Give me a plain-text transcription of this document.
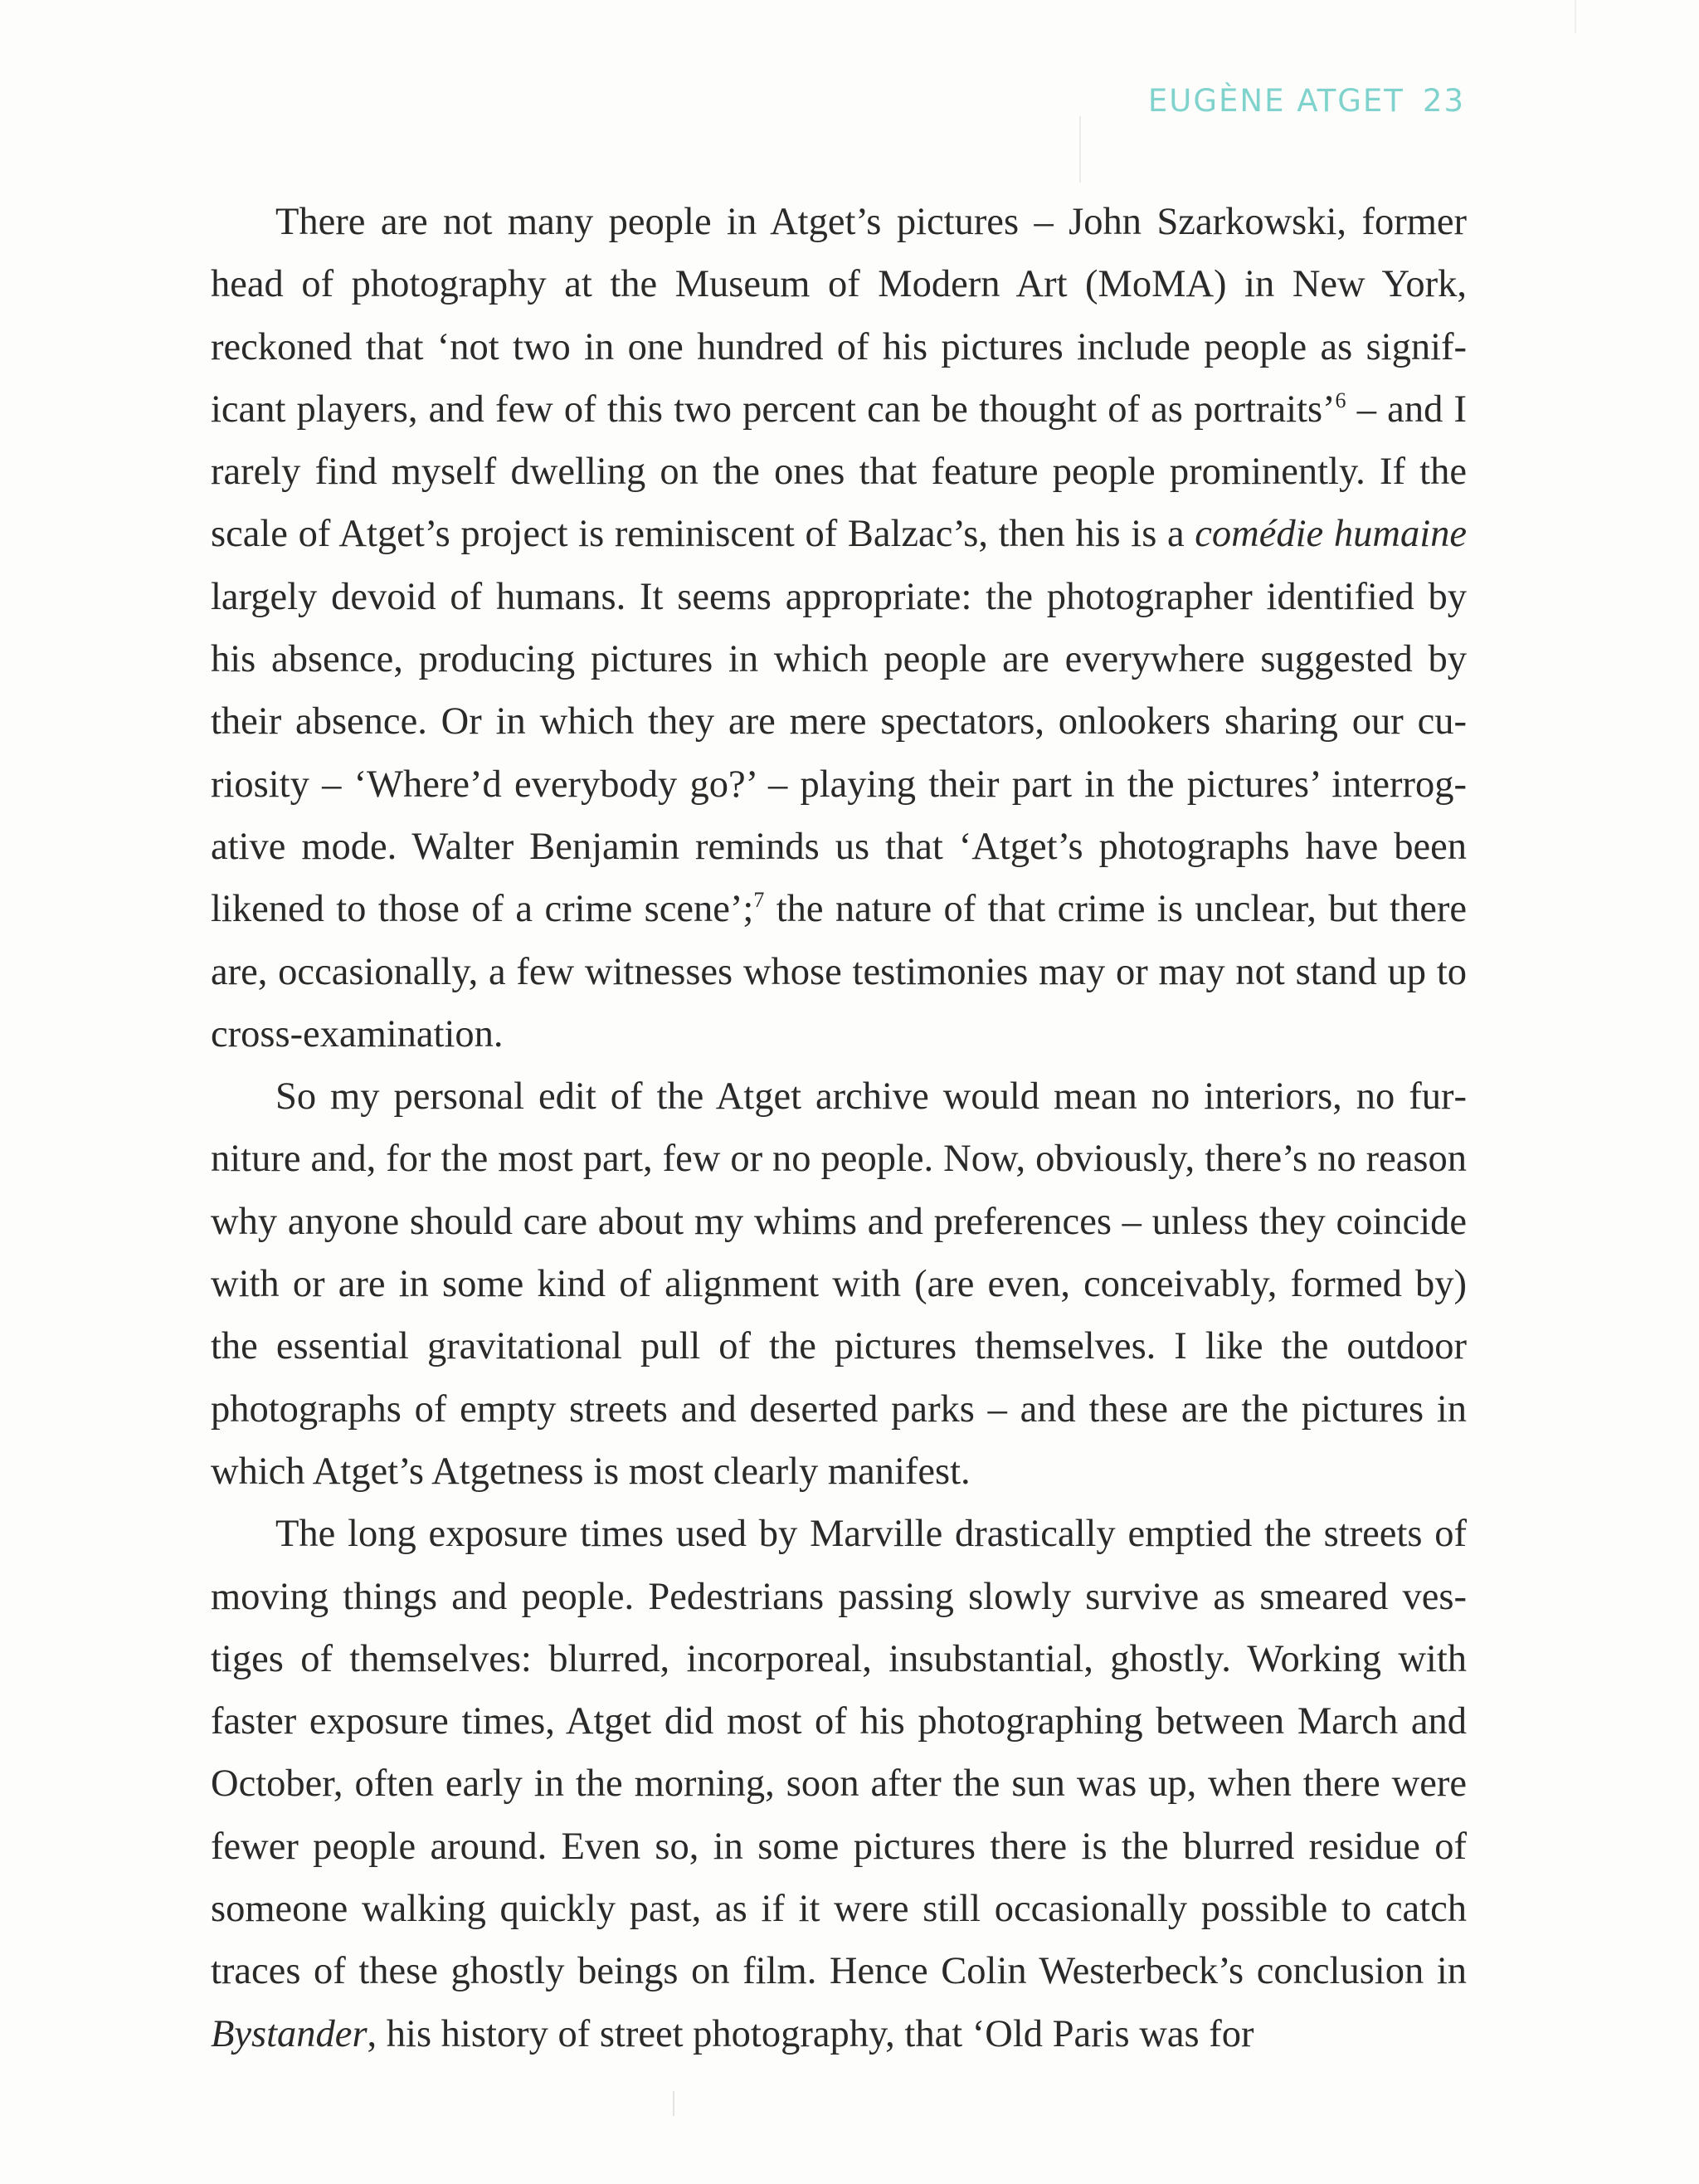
EUGÈNE ATGET 23

There are not many people in Atget’s pictures – John Szarkowski, former head of photography at the Museum of Modern Art (MoMA) in New York, reckoned that ‘not two in one hundred of his pictures include people as significant players, and few of this two percent can be thought of as portraits’$^6$ – and I rarely find myself dwelling on the ones that feature people prominently. If the scale of Atget’s project is reminiscent of Balzac’s, then his is a comédie humaine largely devoid of humans. It seems appropriate: the photographer identified by his absence, producing pictures in which people are everywhere suggested by their absence. Or in which they are mere spectators, onlookers sharing our curiosity – ‘Where’d everybody go?’ – playing their part in the pictures’ interrogative mode. Walter Benjamin reminds us that ‘Atget’s photographs have been likened to those of a crime scene’;$^7$ the nature of that crime is unclear, but there are, occasionally, a few witnesses whose testimonies may or may not stand up to cross-examination.

So my personal edit of the Atget archive would mean no interiors, no furniture and, for the most part, few or no people. Now, obviously, there’s no reason why anyone should care about my whims and preferences – unless they coincide with or are in some kind of alignment with (are even, conceivably, formed by) the essential gravitational pull of the pictures themselves. I like the outdoor photographs of empty streets and deserted parks – and these are the pictures in which Atget’s Atgetness is most clearly manifest.

The long exposure times used by Marville drastically emptied the streets of moving things and people. Pedestrians passing slowly survive as smeared vestiges of themselves: blurred, incorporeal, insubstantial, ghostly. Working with faster exposure times, Atget did most of his photographing between March and October, often early in the morning, soon after the sun was up, when there were fewer people around. Even so, in some pictures there is the blurred residue of someone walking quickly past, as if it were still occasionally possible to catch traces of these ghostly beings on film. Hence Colin Westerbeck’s conclusion in Bystander, his history of street photography, that ‘Old Paris was for
